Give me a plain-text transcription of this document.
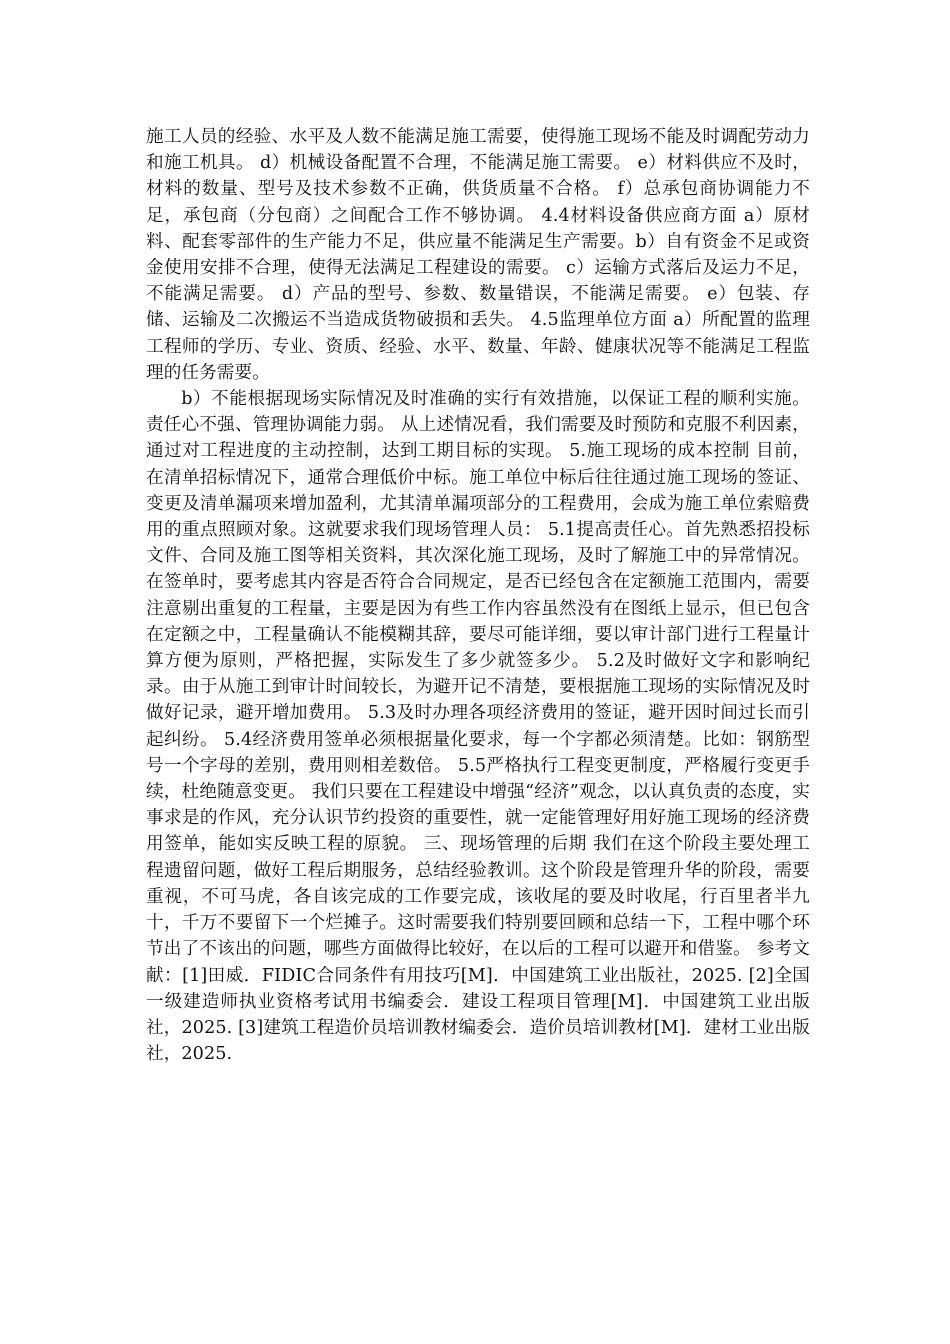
施工人员的经验、水平及人数不能满足施工需要，使得施工现场不能及时调配劳动力和施工机具。 d）机械设备配置不合理，不能满足施工需要。 e）材料供应不及时，材料的数量、型号及技术参数不正确，供货质量不合格。 f）总承包商协调能力不足，承包商（分包商）之间配合工作不够协调。 4.4材料设备供应商方面 a）原材料、配套零部件的生产能力不足，供应量不能满足生产需要。b）自有资金不足或资金使用安排不合理，使得无法满足工程建设的需要。 c）运输方式落后及运力不足，不能满足需要。 d）产品的型号、参数、数量错误，不能满足需要。 e）包装、存储、运输及二次搬运不当造成货物破损和丢失。 4.5监理单位方面 a）所配置的监理工程师的学历、专业、资质、经验、水平、数量、年龄、健康状况等不能满足工程监理的任务需要。

b）不能根据现场实际情况及时准确的实行有效措施，以保证工程的顺利实施。责任心不强、管理协调能力弱。 从上述情况看，我们需要及时预防和克服不利因素，通过对工程进度的主动控制，达到工期目标的实现。 5.施工现场的成本控制 目前，在清单招标情况下，通常合理低价中标。施工单位中标后往往通过施工现场的签证、变更及清单漏项来增加盈利，尤其清单漏项部分的工程费用，会成为施工单位索赔费用的重点照顾对象。这就要求我们现场管理人员： 5.1提高责任心。首先熟悉招投标文件、合同及施工图等相关资料，其次深化施工现场，及时了解施工中的异常情况。在签单时，要考虑其内容是否符合合同规定，是否已经包含在定额施工范围内，需要注意剔出重复的工程量，主要是因为有些工作内容虽然没有在图纸上显示，但已包含在定额之中，工程量确认不能模糊其辞，要尽可能详细，要以审计部门进行工程量计算方便为原则，严格把握，实际发生了多少就签多少。 5.2及时做好文字和影响纪录。由于从施工到审计时间较长，为避开记不清楚，要根据施工现场的实际情况及时做好记录，避开增加费用。 5.3及时办理各项经济费用的签证，避开因时间过长而引起纠纷。 5.4经济费用签单必须根据量化要求，每一个字都必须清楚。比如：钢筋型号一个字母的差别，费用则相差数倍。 5.5严格执行工程变更制度，严格履行变更手续，杜绝随意变更。 我们只要在工程建设中增强“经济”观念，以认真负责的态度，实事求是的作风，充分认识节约投资的重要性，就一定能管理好用好施工现场的经济费用签单，能如实反映工程的原貌。 三、现场管理的后期 我们在这个阶段主要处理工程遗留问题，做好工程后期服务，总结经验教训。这个阶段是管理升华的阶段，需要重视，不可马虎，各自该完成的工作要完成，该收尾的要及时收尾，行百里者半九十，千万不要留下一个烂摊子。这时需要我们特别要回顾和总结一下，工程中哪个环节出了不该出的问题，哪些方面做得比较好，在以后的工程可以避开和借鉴。 参考文献：[1]田威．FIDIC合同条件有用技巧[M]．中国建筑工业出版社，2025. [2]全国一级建造师执业资格考试用书编委会．建设工程项目管理[M]．中国建筑工业出版社，2025. [3]建筑工程造价员培训教材编委会．造价员培训教材[M]．建材工业出版社，2025.
